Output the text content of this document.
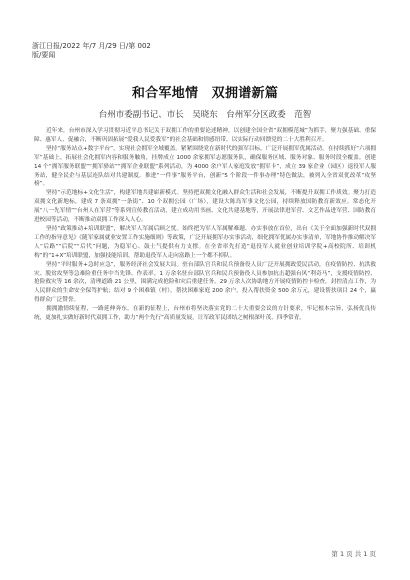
浙江日报/2022 年/7 月/29 日/第 002
版/要闻
和合军地情　双拥谱新篇
台州市委副书记、市长　吴晓东　台州军分区政委　范智

近年来，台州市深入学习贯彻习近平总书记关于双拥工作的重要论述精神，以创建全国全省“双拥模范城”为抓手，聚力强基础、重保障、惠军人、促融合，不断巩固拓展“爱我人民爱我军”的社会基础和情感纽带，以实际行动回馈党的二十大胜利召开。

坚持“服务站点+数字平台”，实现社会拥军全域覆盖。紧紧围绕党在新时代的强军目标，广泛开展拥军优属活动。在持续抓好“六项拥军”基础上，拓展社会化拥军内容和服务触角，挂牌成立 1000 余家拥军志愿服务队，确保服务区域、服务对象、服务时段全覆盖。创建 14 个“拥军服务联盟”“拥军驿站”“拥军企业联盟”系列活动，为 4000 余户军人家庭发放“拥军卡”，成立 39 家企业（园区）退役军人服务站，健全民企与基层连队结对共建制度。推进“一件事”服务平台，创新“5 个阶段一件事办理”特色做法，被列入全省双优改革“攻坚榜”。

坚持“示范地标+文化生活”，构建军地共建崭新模式。坚持把双拥文化融入群众生活和社会发展，不断提升双拥工作质效。聚力打造双拥文化新地标，建成 7 条双拥“一条街”、10 个双拥公园（广场），建设大陈岛军事文化公园，持续释放国防教育新效应。常态化开展“八一先军情”“台州人在军营”等系列宣传教育活动，建立成功用书画、文化共建基地等，开展法律进军营、文艺作品进军营、国防教育进校园等活动，不断推动双拥工作深入人心。

坚持“政策推动+培训联盟”，解决军人军属后顾之忧。始终把为军人军属解难题、办实事放在首位，出台《关于全面加强新时代双拥工作的指导意见》《随军家属就业安置工作实施细则》等政策，广泛开展拥军办实事活动，细化拥军优属办实事清单，军地协作推动解决军人“后路”“后院”“后代”问题，为稳军心、鼓士气提供有力支撑。在全省率先打造“退役军人就业创业培训学院+高校院所、培训机构”的“1+X”培训联盟，加强技能培训，帮助退役军人走向富路上一个都不掉队。

坚持“平时服务+急时应急”，服务经济社会发展大局。驻台部队官兵和民兵预备役人员广泛开展拥政爱民活动，在疫情防控、抗洪救灾、脱贫攻坚等急难险重任务中当先锋、作表率。1 万余名驻台部队官兵和民兵预备役人员参加抗击超强台风“利奇马”，支援疫情防控、抢险救灾等 16 余次，清理道路 21 公里，围满完成抢险和灾后重建任务。29 万余人次协助地方开展疫情防控卡检查，封控清点工作，为人民群众的生命安全保驾护航；结对 9 个困难镇（村），帮扶困难家庭 200 余户，投入帮扶资金 500 余万元，建设帮扶项目 24 个，赢得群众广泛赞誉。

拥拥激情续征程，一路延伸奔东。在新的征程上，台州市将坚决落实党的二十大重要会议的方针要求，牢记根本宗旨，弘扬优良传统，更加扎实做好新时代双拥工作，助力“两个先行”高质量发展，让军政军民团结之树根深叶茂、四季常青。

第 1 页 共 1 页
